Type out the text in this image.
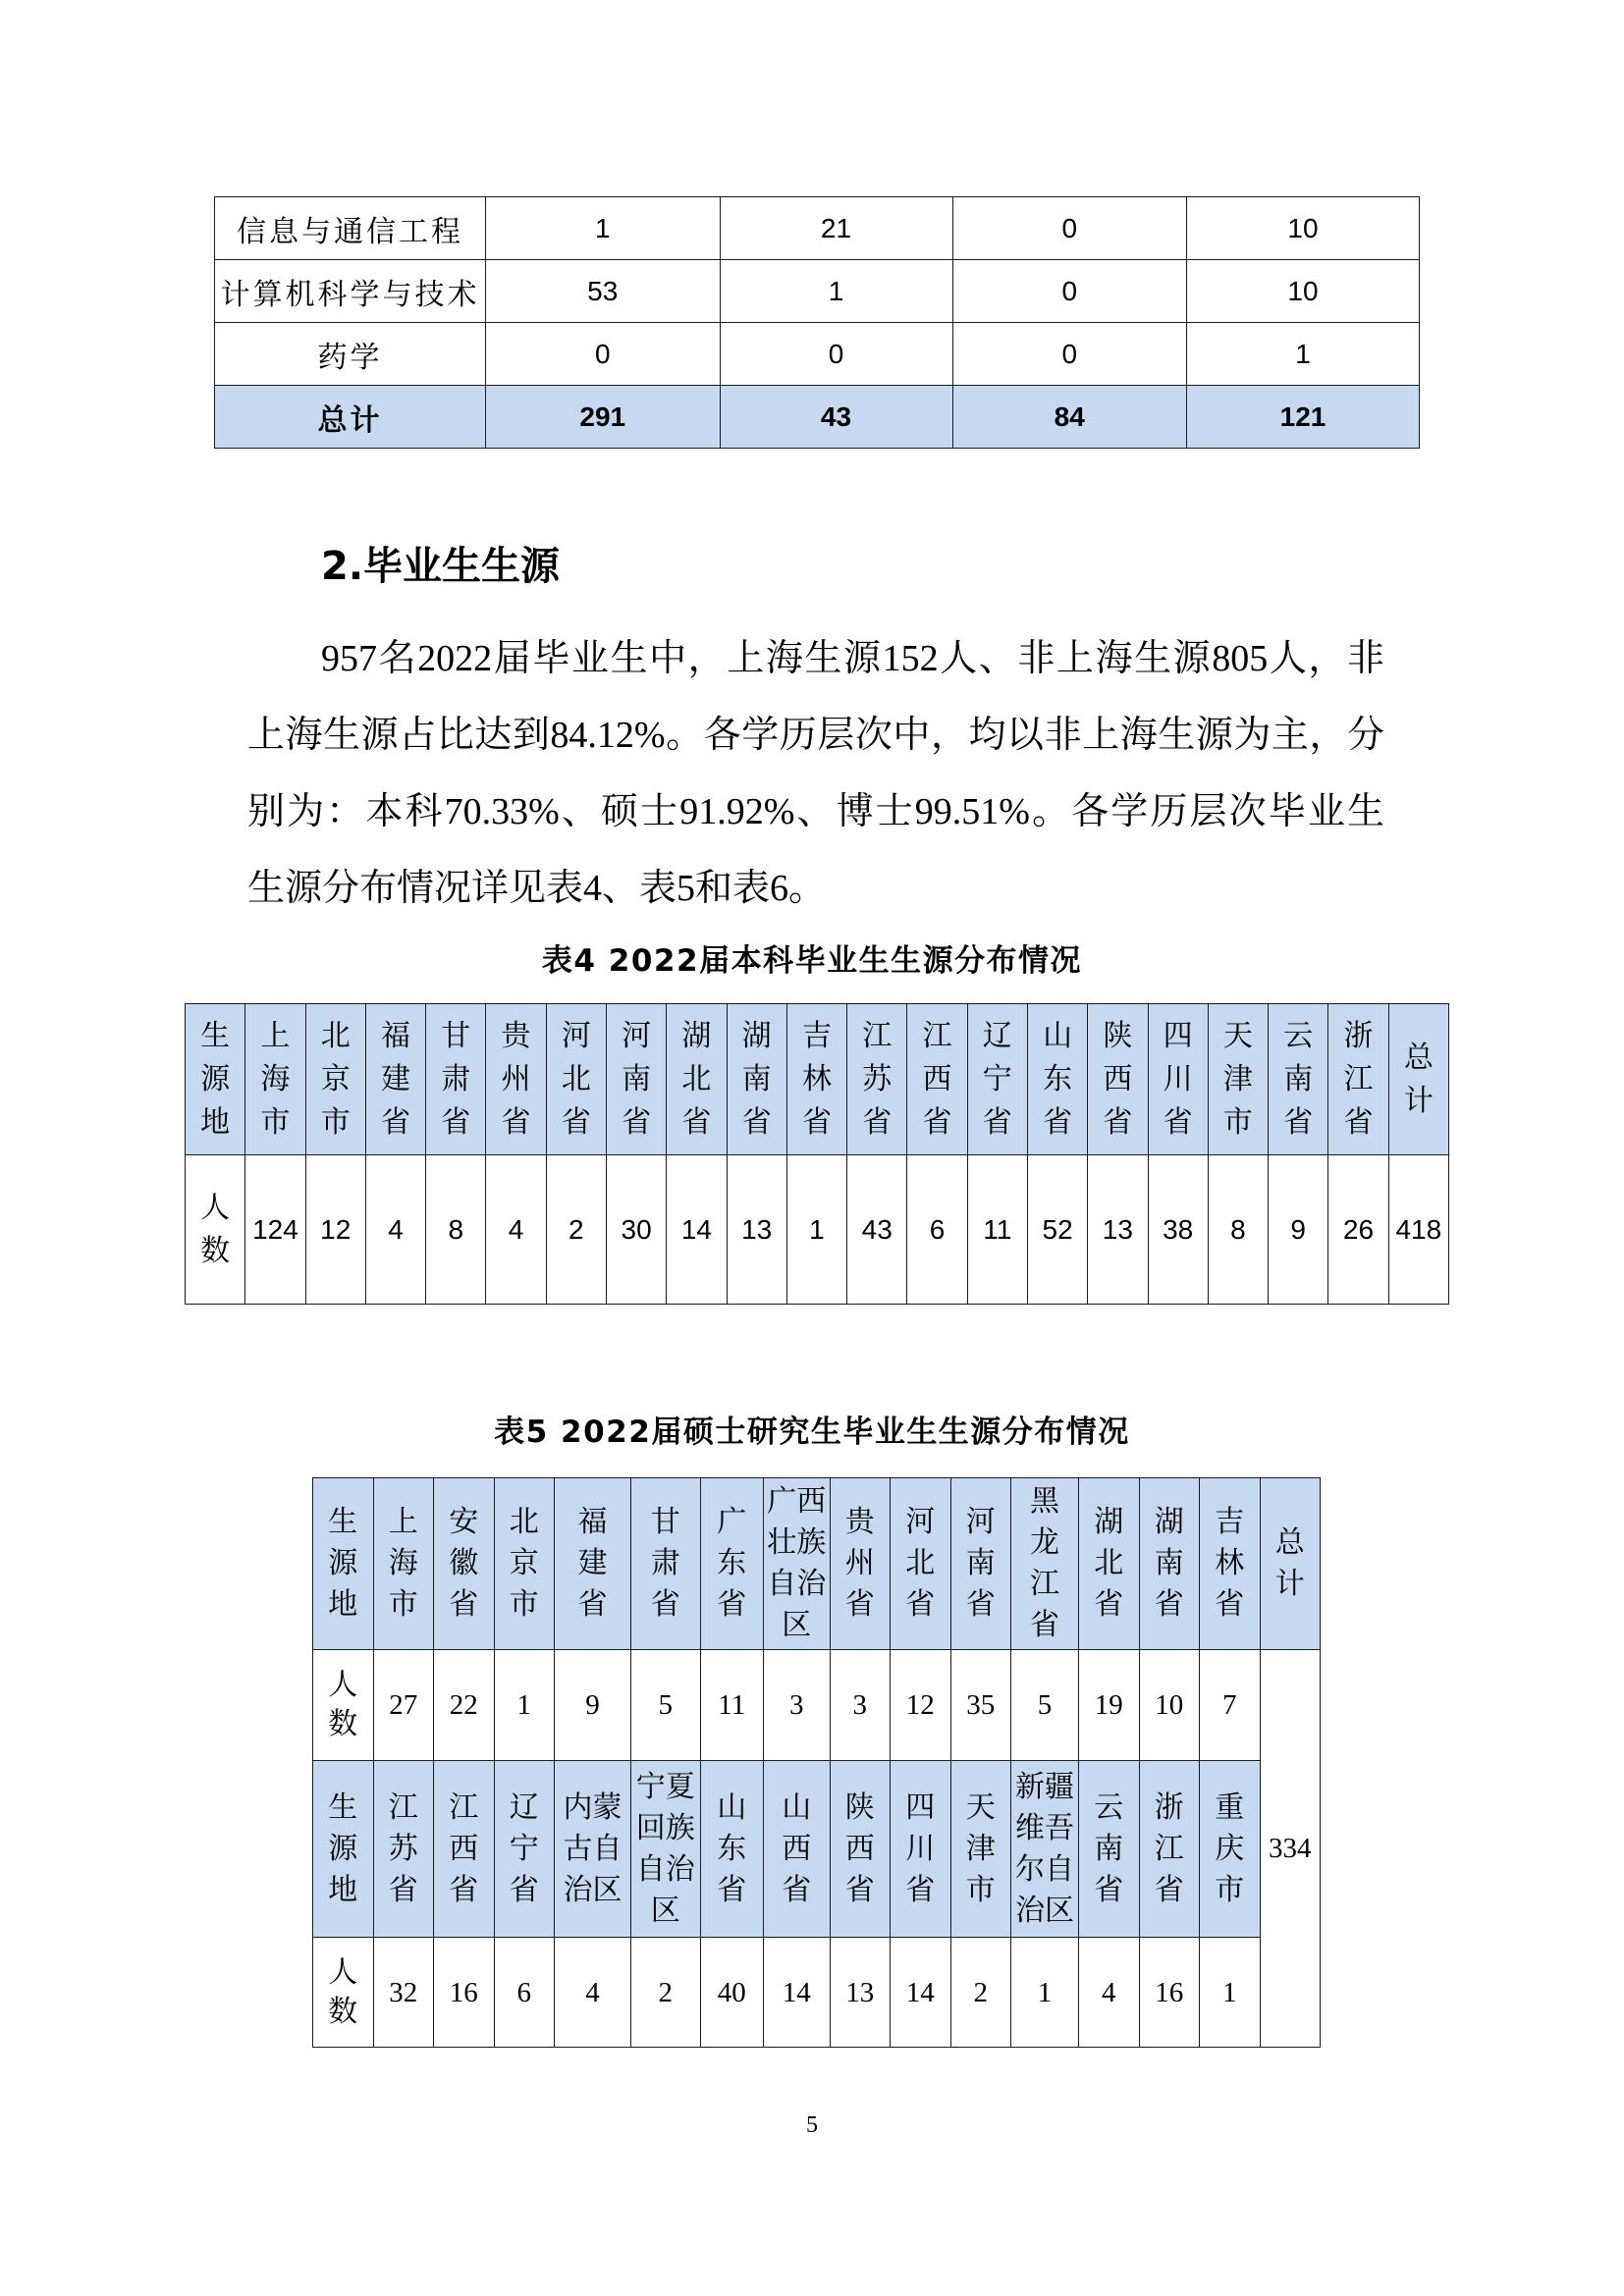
信息与通信工程	1	21	0	10
计算机科学与技术	53	1	0	10
药学	0	0	0	1
总计	291	43	84	121
2.毕业生生源
957名2022届毕业生中，上海生源152人、非上海生源805人，非
上海生源占比达到84.12%。各学历层次中，均以非上海生源为主，分
别为：本科70.33%、硕士91.92%、博士99.51%。各学历层次毕业生
生源分布情况详见表4、表5和表6。
表4 2022届本科毕业生生源分布情况
生源地	上海市	北京市	福建省	甘肃省	贵州省	河北省	河南省	湖北省	湖南省	吉林省	江苏省	江西省	辽宁省	山东省	陕西省	四川省	天津市	云南省	浙江省	总计
人数	124	12	4	8	4	2	30	14	13	1	43	6	11	52	13	38	8	9	26	418
表5 2022届硕士研究生毕业生生源分布情况
生源地	上海市	安徽省	北京市	福建省	甘肃省	广东省	广西壮族自治区	贵州省	河北省	河南省	黑龙江省	湖北省	湖南省	吉林省	总计
人数	27	22	1	9	5	11	3	3	12	35	5	19	10	7	334
生源地	江苏省	江西省	辽宁省	内蒙古自治区	宁夏回族自治区	山东省	山西省	陕西省	四川省	天津市	新疆维吾尔自治区	云南省	浙江省	重庆市	
人数	32	16	6	4	2	40	14	13	14	2	1	4	16	1	
5
